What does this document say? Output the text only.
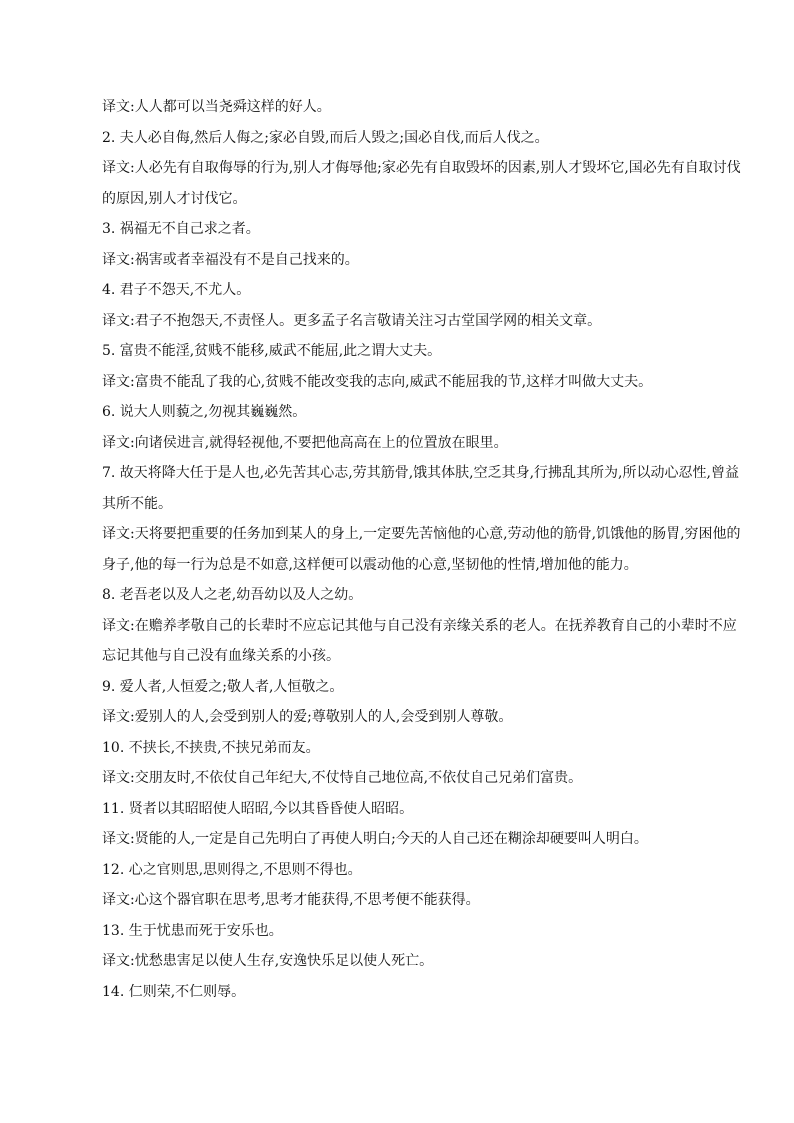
译文:人人都可以当尧舜这样的好人。

2. 夫人必自侮,然后人侮之;家必自毁,而后人毁之;国必自伐,而后人伐之。

译文:人必先有自取侮辱的行为,别人才侮辱他;家必先有自取毁坏的因素,别人才毁坏它,国必先有自取讨伐的原因,别人才讨伐它。

3. 祸福无不自己求之者。

译文:祸害或者幸福没有不是自己找来的。

4. 君子不怨天,不尤人。

译文:君子不抱怨天,不责怪人。更多孟子名言敬请关注习古堂国学网的相关文章。

5. 富贵不能淫,贫贱不能移,威武不能屈,此之谓大丈夫。

译文:富贵不能乱了我的心,贫贱不能改变我的志向,威武不能屈我的节,这样才叫做大丈夫。

6. 说大人则藐之,勿视其巍巍然。

译文:向诸侯进言,就得轻视他,不要把他高高在上的位置放在眼里。

7. 故天将降大任于是人也,必先苦其心志,劳其筋骨,饿其体肤,空乏其身,行拂乱其所为,所以动心忍性,曾益其所不能。

译文:天将要把重要的任务加到某人的身上,一定要先苦恼他的心意,劳动他的筋骨,饥饿他的肠胃,穷困他的身子,他的每一行为总是不如意,这样便可以震动他的心意,坚韧他的性情,增加他的能力。

8. 老吾老以及人之老,幼吾幼以及人之幼。

译文:在赡养孝敬自己的长辈时不应忘记其他与自己没有亲缘关系的老人。在抚养教育自己的小辈时不应忘记其他与自己没有血缘关系的小孩。

9. 爱人者,人恒爱之;敬人者,人恒敬之。

译文:爱别人的人,会受到别人的爱;尊敬别人的人,会受到别人尊敬。

10. 不挟长,不挟贵,不挟兄弟而友。

译文:交朋友时,不依仗自己年纪大,不仗恃自己地位高,不依仗自己兄弟们富贵。

11. 贤者以其昭昭使人昭昭,今以其昏昏使人昭昭。

译文:贤能的人,一定是自己先明白了再使人明白;今天的人自己还在糊涂却硬要叫人明白。

12. 心之官则思,思则得之,不思则不得也。

译文:心这个器官职在思考,思考才能获得,不思考便不能获得。

13. 生于忧患而死于安乐也。

译文:忧愁患害足以使人生存,安逸快乐足以使人死亡。

14. 仁则荣,不仁则辱。
